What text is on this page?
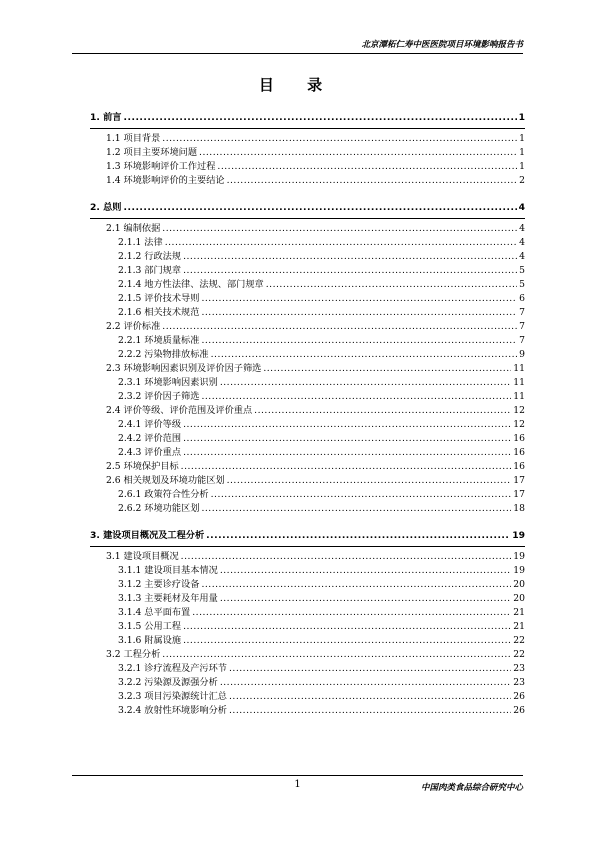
北京潭柘仁寿中医医院项目环境影响报告书
目 录
1. 前言 .....	1
1.1 项目背景 .....	1
1.2 项目主要环境问题 .....	1
1.3 环境影响评价工作过程 .....	1
1.4 环境影响评价的主要结论 .....	2
2. 总则 .....	4
2.1 编制依据 .....	4
2.1.1 法律 .....	4
2.1.2 行政法规 .....	4
2.1.3 部门规章 .....	5
2.1.4 地方性法律、法规、部门规章 .....	5
2.1.5 评价技术导则 .....	6
2.1.6 相关技术规范 .....	7
2.2 评价标准 .....	7
2.2.1 环境质量标准 .....	7
2.2.2 污染物排放标准 .....	9
2.3 环境影响因素识别及评价因子筛选 .....	11
2.3.1 环境影响因素识别 .....	11
2.3.2 评价因子筛选 .....	11
2.4 评价等级、评价范围及评价重点 .....	12
2.4.1 评价等级 .....	12
2.4.2 评价范围 .....	16
2.4.3 评价重点 .....	16
2.5 环境保护目标 .....	16
2.6 相关规划及环境功能区划 .....	17
2.6.1 政策符合性分析 .....	17
2.6.2 环境功能区划 .....	18
3. 建设项目概况及工程分析 .....	19
3.1 建设项目概况 .....	19
3.1.1 建设项目基本情况 .....	19
3.1.2 主要诊疗设备 .....	20
3.1.3 主要耗材及年用量 .....	20
3.1.4 总平面布置 .....	21
3.1.5 公用工程 .....	21
3.1.6 附属设施 .....	22
3.2 工程分析 .....	22
3.2.1 诊疗流程及产污环节 .....	23
3.2.2 污染源及源强分析 .....	23
3.2.3 项目污染源统计汇总 .....	26
3.2.4 放射性环境影响分析 .....	26
1	中国肉类食品综合研究中心
